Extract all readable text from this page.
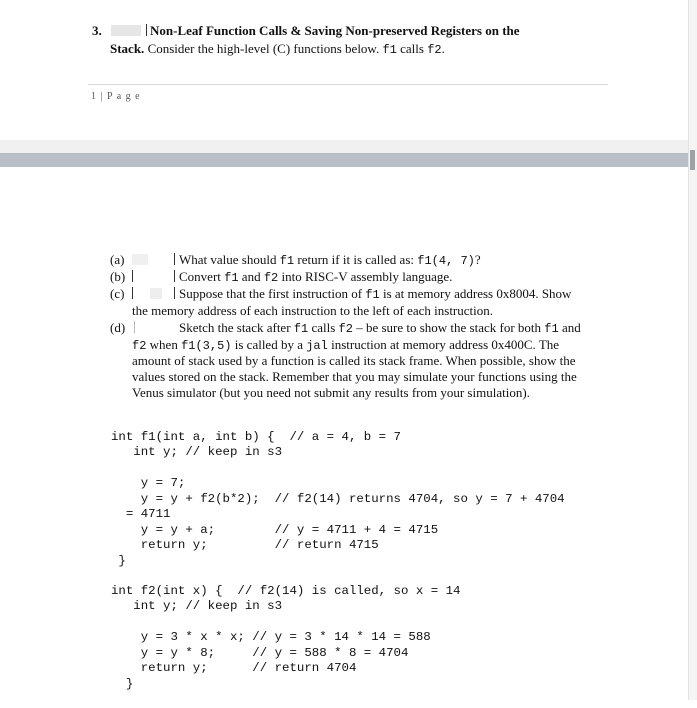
3.	Non-Leaf Function Calls & Saving Non-preserved Registers on the
Stack. Consider the high-level (C) functions below. f1 calls f2.
1 | P a g e
(a)	What value should f1 return if it is called as: f1(4, 7)?
(b)	Convert f1 and f2 into RISC-V assembly language.
(c)	Suppose that the first instruction of f1 is at memory address 0x8004. Show
the memory address of each instruction to the left of each instruction.
(d)	Sketch the stack after f1 calls f2 – be sure to show the stack for both f1 and
f2 when f1(3,5) is called by a jal instruction at memory address 0x400C. The
amount of stack used by a function is called its stack frame. When possible, show the
values stored on the stack. Remember that you may simulate your functions using the
Venus simulator (but you need not submit any results from your simulation).

int f1(int a, int b) {  // a = 4, b = 7
int y; // keep in s3
y = 7;
y = y + f2(b*2);  // f2(14) returns 4704, so y = 7 + 4704
= 4711
y = y + a;        // y = 4711 + 4 = 4715
return y;         // return 4715
}

int f2(int x) {  // f2(14) is called, so x = 14
int y; // keep in s3
y = 3 * x * x; // y = 3 * 14 * 14 = 588
y = y * 8;     // y = 588 * 8 = 4704
return y;      // return 4704
}
